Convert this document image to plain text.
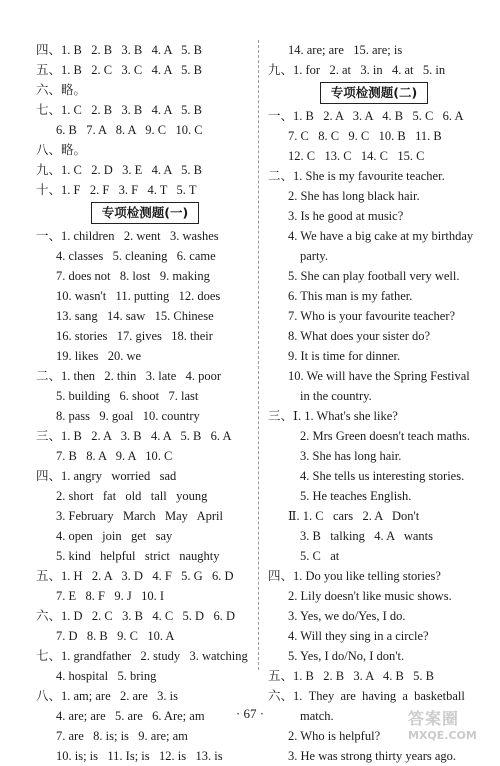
四、1. B   2. B   3. B   4. A   5. B
五、1. B   2. C   3. C   4. A   5. B
六、略。
七、1. C   2. B   3. B   4. A   5. B
6. B   7. A   8. A   9. C   10. C
八、略。
九、1. C   2. D   3. E   4. A   5. B
十、1. F   2. F   3. F   4. T   5. T
专项检测题(一)
一、1. children   2. went   3. washes
4. classes   5. cleaning   6. came
7. does not   8. lost   9. making
10. wasn't   11. putting   12. does
13. sang   14. saw   15. Chinese
16. stories   17. gives   18. their
19. likes   20. we
二、1. then   2. thin   3. late   4. poor
5. building   6. shoot   7. last
8. pass   9. goal   10. country
三、1. B   2. A   3. B   4. A   5. B   6. A
7. B   8. A   9. A   10. C
四、1. angry   worried   sad
2. short   fat   old   tall   young
3. February   March   May   April
4. open   join   get   say
5. kind   helpful   strict   naughty
五、1. H   2. A   3. D   4. F   5. G   6. D
7. E   8. F   9. J   10. I
六、1. D   2. C   3. B   4. C   5. D   6. D
7. D   8. B   9. C   10. A
七、1. grandfather   2. study   3. watching
4. hospital   5. bring
八、1. am; are   2. are   3. is
4. are; are   5. are   6. Are; am
7. are   8. is; is   9. are; am
10. is; is   11. Is; is   12. is   13. is
14. are; are   15. are; is
九、1. for   2. at   3. in   4. at   5. in
专项检测题(二)
一、1. B   2. A   3. A   4. B   5. C   6. A
7. C   8. C   9. C   10. B   11. B
12. C   13. C   14. C   15. C
二、1. She is my favourite teacher.
2. She has long black hair.
3. Is he good at music?
4. We have a big cake at my birthday
party.
5. She can play football very well.
6. This man is my father.
7. Who is your favourite teacher?
8. What does your sister do?
9. It is time for dinner.
10. We will have the Spring Festival
in the country.
三、Ⅰ. 1. What's she like?
2. Mrs Green doesn't teach maths.
3. She has long hair.
4. She tells us interesting stories.
5. He teaches English.
Ⅱ. 1. C   cars   2. A   Don't
3. B   talking   4. A   wants
5. C   at
四、1. Do you like telling stories?
2. Lily doesn't like music shows.
3. Yes, we do/Yes, I do.
4. Will they sing in a circle?
5. Yes, I do/No, I don't.
五、1. B   2. B   3. A   4. B   5. B
六、1.  They  are  having  a  basketball
match.
2. Who is helpful?
3. He was strong thirty years ago.
· 67 ·	答案圈
MXQE.COM
